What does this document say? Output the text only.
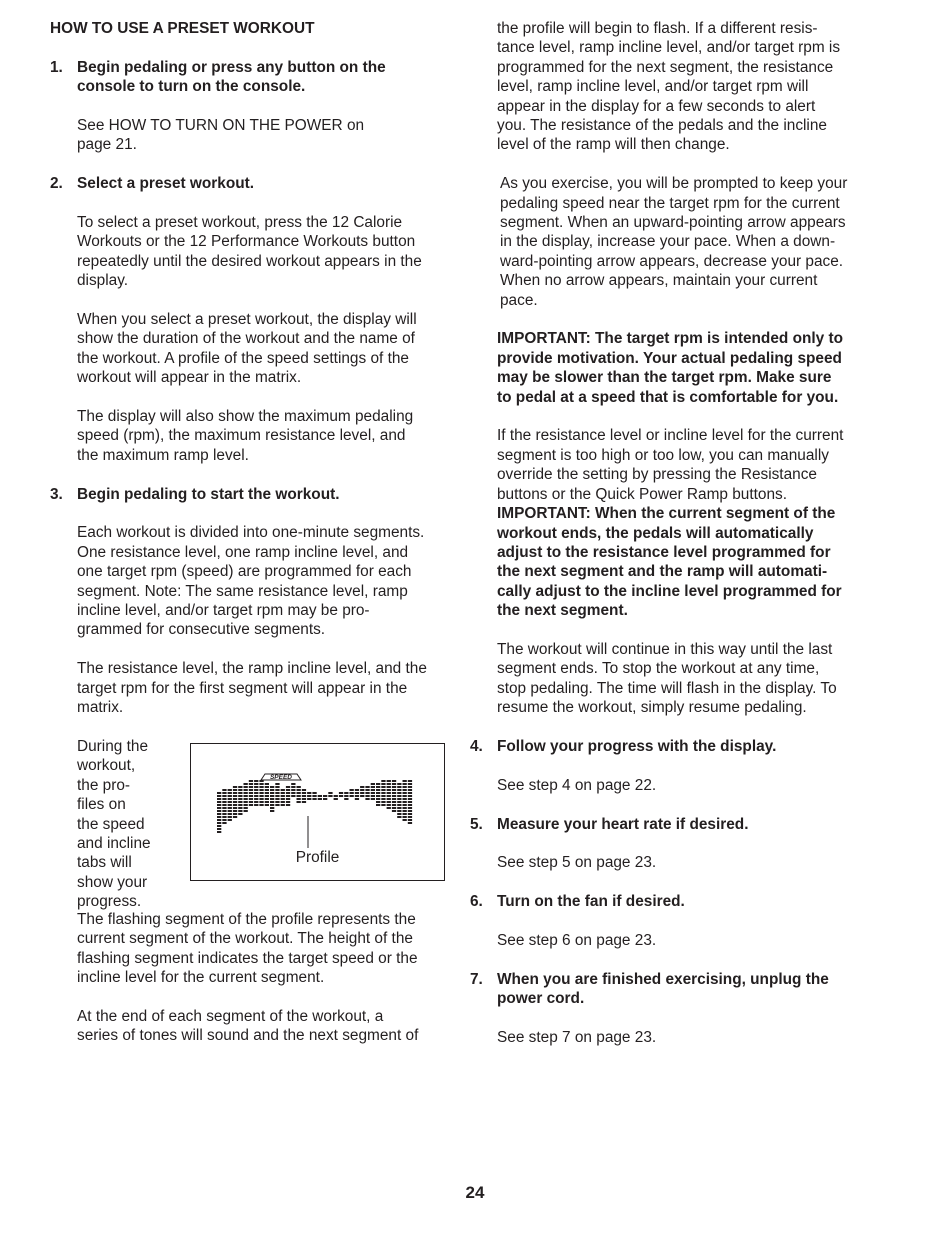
HOW TO USE A PRESET WORKOUT

1. Begin pedaling or press any button on the
console to turn on the console.
See HOW TO TURN ON THE POWER on
page 21.
2. Select a preset workout.
To select a preset workout, press the 12 Calorie
Workouts or the 12 Performance Workouts button
repeatedly until the desired workout appears in the
display.
When you select a preset workout, the display will
show the duration of the workout and the name of
the workout. A profile of the speed settings of the
workout will appear in the matrix.
The display will also show the maximum pedaling
speed (rpm), the maximum resistance level, and
the maximum ramp level.
3. Begin pedaling to start the workout.
Each workout is divided into one-minute segments.
One resistance level, one ramp incline level, and
one target rpm (speed) are programmed for each
segment. Note: The same resistance level, ramp
incline level, and/or target rpm may be pro-
grammed for consecutive segments.
The resistance level, the ramp incline level, and the
target rpm for the first segment will appear in the
matrix.
During the
workout,
the pro-
files on
the speed
and incline
tabs will
show your
progress.
SPEED
Profile
The flashing segment of the profile represents the
current segment of the workout. The height of the
flashing segment indicates the target speed or the
incline level for the current segment.
At the end of each segment of the workout, a
series of tones will sound and the next segment of
the profile will begin to flash. If a different resis-
tance level, ramp incline level, and/or target rpm is
programmed for the next segment, the resistance
level, ramp incline level, and/or target rpm will
appear in the display for a few seconds to alert
you. The resistance of the pedals and the incline
level of the ramp will then change.
As you exercise, you will be prompted to keep your
pedaling speed near the target rpm for the current
segment. When an upward-pointing arrow appears
in the display, increase your pace. When a down-
ward-pointing arrow appears, decrease your pace.
When no arrow appears, maintain your current
pace.
IMPORTANT: The target rpm is intended only to
provide motivation. Your actual pedaling speed
may be slower than the target rpm. Make sure
to pedal at a speed that is comfortable for you.
If the resistance level or incline level for the current
segment is too high or too low, you can manually
override the setting by pressing the Resistance
buttons or the Quick Power Ramp buttons.
IMPORTANT: When the current segment of the
workout ends, the pedals will automatically
adjust to the resistance level programmed for
the next segment and the ramp will automati-
cally adjust to the incline level programmed for
the next segment.
The workout will continue in this way until the last
segment ends. To stop the workout at any time,
stop pedaling. The time will flash in the display. To
resume the workout, simply resume pedaling.
4. Follow your progress with the display.
See step 4 on page 22.
5. Measure your heart rate if desired.
See step 5 on page 23.
6. Turn on the fan if desired.
See step 6 on page 23.
7. When you are finished exercising, unplug the
power cord.
See step 7 on page 23.
24
